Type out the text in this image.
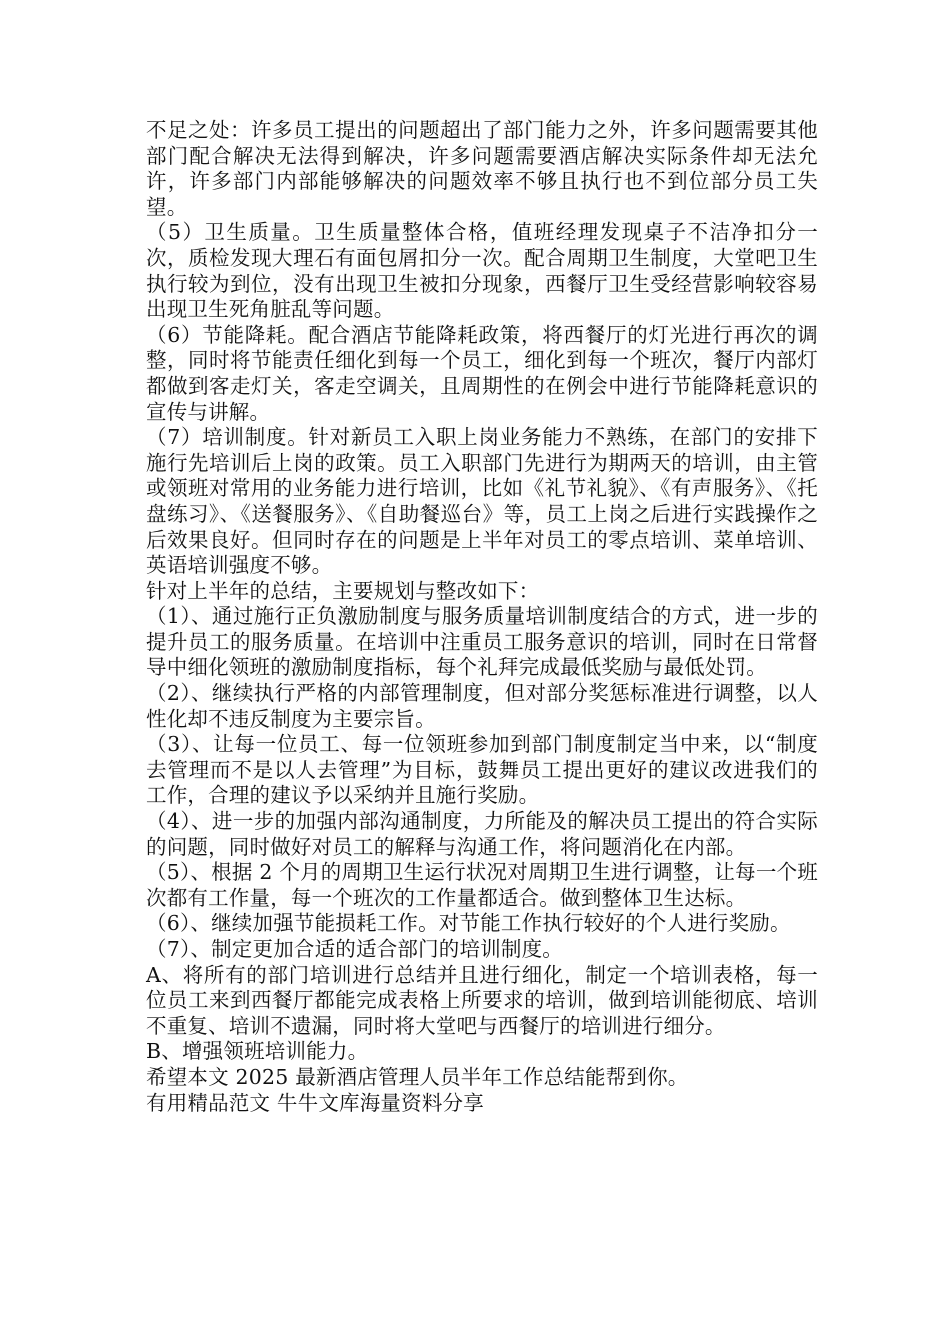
不足之处：许多员工提出的问题超出了部门能力之外，许多问题需要其他部门配合解决无法得到解决，许多问题需要酒店解决实际条件却无法允许，许多部门内部能够解决的问题效率不够且执行也不到位部分员工失望。

（5）卫生质量。卫生质量整体合格，值班经理发现桌子不洁净扣分一次，质检发现大理石有面包屑扣分一次。配合周期卫生制度，大堂吧卫生执行较为到位，没有出现卫生被扣分现象，西餐厅卫生受经营影响较容易出现卫生死角脏乱等问题。

（6）节能降耗。配合酒店节能降耗政策，将西餐厅的灯光进行再次的调整，同时将节能责任细化到每一个员工，细化到每一个班次，餐厅内部灯都做到客走灯关，客走空调关，且周期性的在例会中进行节能降耗意识的宣传与讲解。

（7）培训制度。针对新员工入职上岗业务能力不熟练，在部门的安排下施行先培训后上岗的政策。员工入职部门先进行为期两天的培训，由主管或领班对常用的业务能力进行培训，比如《礼节礼貌》、《有声服务》、《托盘练习》、《送餐服务》、《自助餐巡台》等，员工上岗之后进行实践操作之后效果良好。但同时存在的问题是上半年对员工的零点培训、菜单培训、英语培训强度不够。

针对上半年的总结，主要规划与整改如下：

（1）、通过施行正负激励制度与服务质量培训制度结合的方式，进一步的提升员工的服务质量。在培训中注重员工服务意识的培训，同时在日常督导中细化领班的激励制度指标，每个礼拜完成最低奖励与最低处罚。

（2）、继续执行严格的内部管理制度，但对部分奖惩标准进行调整，以人性化却不违反制度为主要宗旨。

（3）、让每一位员工、每一位领班参加到部门制度制定当中来，以“制度去管理而不是以人去管理”为目标，鼓舞员工提出更好的建议改进我们的工作，合理的建议予以采纳并且施行奖励。

（4）、进一步的加强内部沟通制度，力所能及的解决员工提出的符合实际的问题，同时做好对员工的解释与沟通工作，将问题消化在内部。

（5）、根据 2 个月的周期卫生运行状况对周期卫生进行调整，让每一个班次都有工作量，每一个班次的工作量都适合。做到整体卫生达标。

（6）、继续加强节能损耗工作。对节能工作执行较好的个人进行奖励。

（7）、制定更加合适的适合部门的培训制度。

A、将所有的部门培训进行总结并且进行细化，制定一个培训表格，每一位员工来到西餐厅都能完成表格上所要求的培训，做到培训能彻底、培训不重复、培训不遗漏，同时将大堂吧与西餐厅的培训进行细分。

B、增强领班培训能力。

希望本文 2025 最新酒店管理人员半年工作总结能帮到你。

有用精品范文 牛牛文库海量资料分享
